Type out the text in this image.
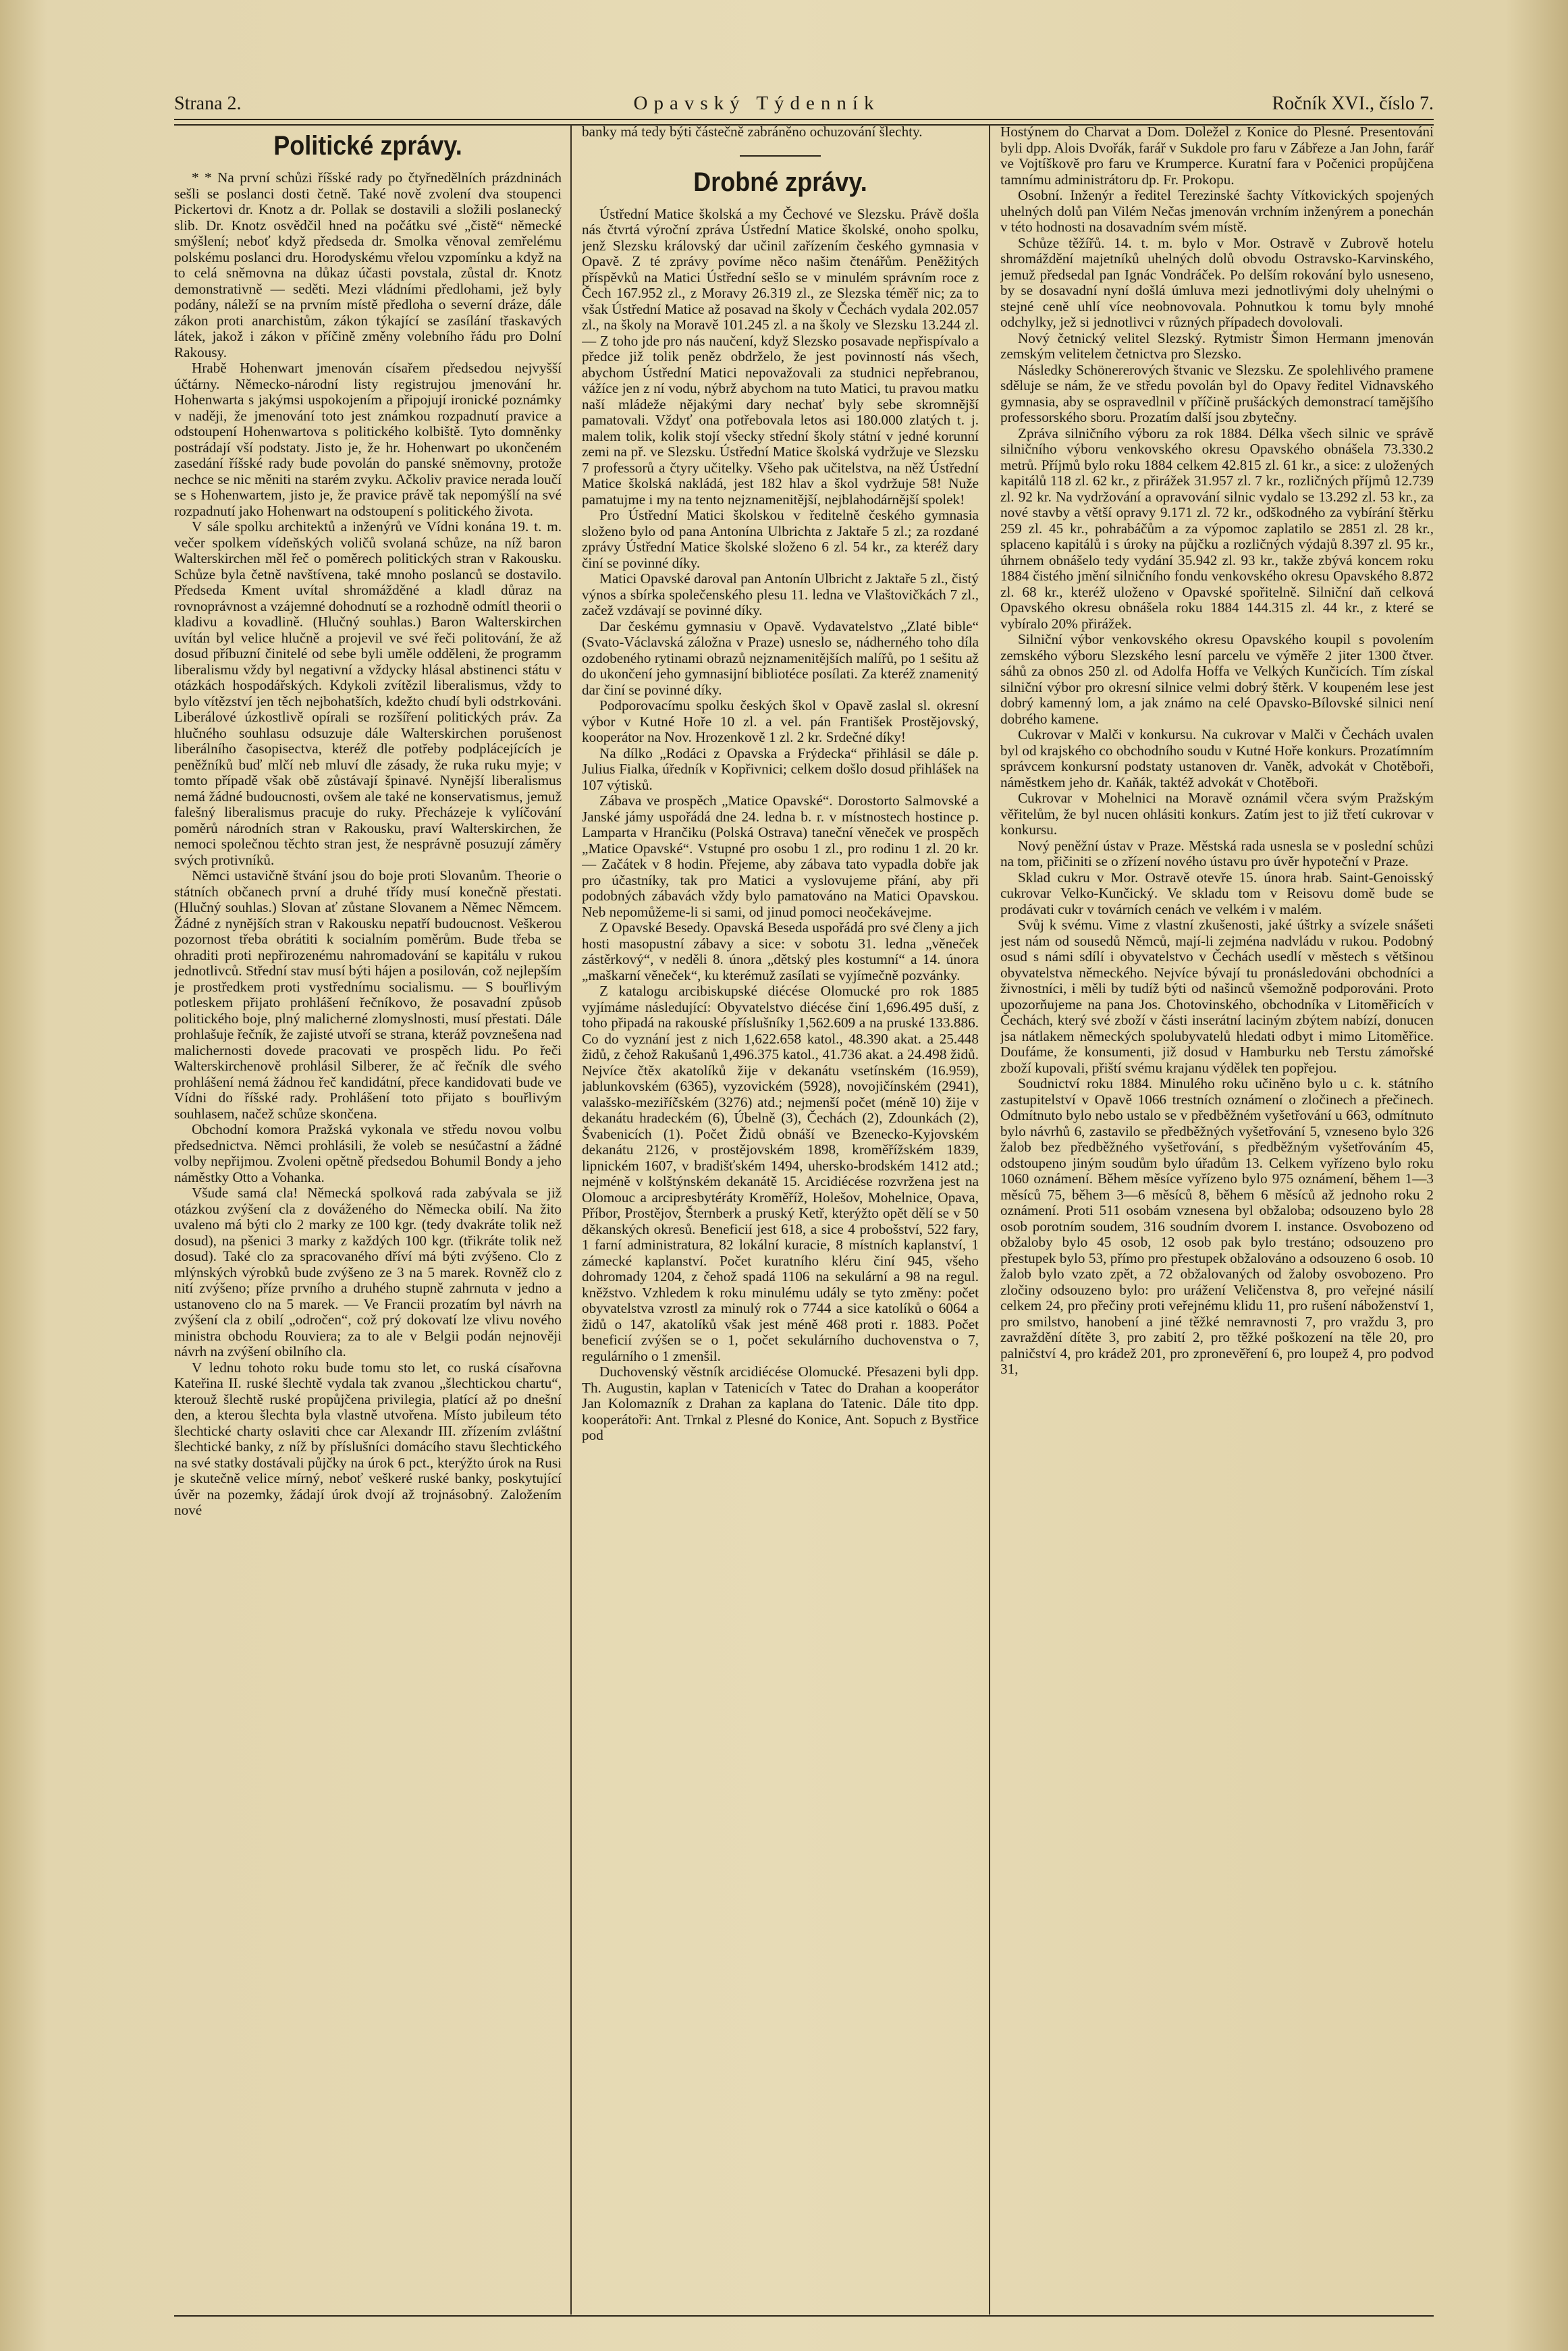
Strana 2.	Opavský Týdenník	Ročník XVI., číslo 7.
Politické zprávy.

* * Na první schůzi říšské rady po čtyřnedělních prázdninách sešli se poslanci dosti četně. Také nově zvolení dva stoupenci Pickertovi dr. Knotz a dr. Pollak se dostavili a složili poslanecký slib. Dr. Knotz osvědčil hned na počátku své „čistě“ německé smýšlení; neboť když předseda dr. Smolka věnoval zemřelému polskému poslanci dru. Horodyskému vřelou vzpomínku a když na to celá sněmovna na důkaz účasti povstala, zůstal dr. Knotz demonstrativně — seděti. Mezi vládními předlohami, jež byly podány, náleží se na prvním místě předloha o severní dráze, dále zákon proti anarchistům, zákon týkající se zasílání třaskavých látek, jakož i zákon v příčině změny volebního řádu pro Dolní Rakousy.

Hrabě Hohenwart jmenován císařem předsedou nejvyšší účtárny. Německo-národní listy registrujou jmenování hr. Hohenwarta s jakýmsi uspokojením a připojují ironické poznámky v naději, že jmenování toto jest známkou rozpadnutí pravice a odstoupení Hohenwartova s politického kolbiště. Tyto domněnky postrádají vší podstaty. Jisto je, že hr. Hohenwart po ukončeném zasedání říšské rady bude povolán do panské sněmovny, protože nechce se nic měniti na starém zvyku. Ačkoliv pravice nerada loučí se s Hohenwartem, jisto je, že pravice právě tak nepomýšlí na své rozpadnutí jako Hohenwart na odstoupení s politického života.

V sále spolku architektů a inženýrů ve Vídni konána 19. t. m. večer spolkem vídeňských voličů svolaná schůze, na níž baron Walterskirchen měl řeč o poměrech politických stran v Rakousku. Schůze byla četně navštívena, také mnoho poslanců se dostavilo. Předseda Kment uvítal shromážděné a kladl důraz na rovnoprávnost a vzájemné dohodnutí se a rozhodně odmítl theorii o kladivu a kovadlině. (Hlučný souhlas.) Baron Walterskirchen uvítán byl velice hlučně a projevil ve své řeči politování, že až dosud příbuzní činitelé od sebe byli uměle odděleni, že programm liberalismu vždy byl negativní a vždycky hlásal abstinenci státu v otázkách hospodářských. Kdykoli zvítězil liberalismus, vždy to bylo vítězství jen těch nejbohatších, kdežto chudí byli odstrkováni. Liberálové úzkostlivě opírali se rozšíření politických práv. Za hlučného souhlasu odsuzuje dále Walterskirchen porušenost liberálního časopisectva, kteréž dle potřeby podplácejících je peněžníků buď mlčí neb mluví dle zásady, že ruka ruku myje; v tomto případě však obě zůstávají špinavé. Nynější liberalismus nemá žádné budoucnosti, ovšem ale také ne konservatismus, jemuž falešný liberalismus pracuje do ruky. Přecházeje k vylíčování poměrů národních stran v Rakousku, praví Walterskirchen, že nemoci společnou těchto stran jest, že nesprávně posuzují záměry svých protivníků.

Němci ustavičně štvání jsou do boje proti Slovanům. Theorie o státních občanech první a druhé třídy musí konečně přestati. (Hlučný souhlas.) Slovan ať zůstane Slovanem a Němec Němcem. Žádné z nynějších stran v Rakousku nepatří budoucnost. Veškerou pozornost třeba obrátiti k socialním poměrům. Bude třeba se ohraditi proti nepřirozenému nahromadování se kapitálu v rukou jednotlivců. Střední stav musí býti hájen a posilován, což nejlepším je prostředkem proti vystřednímu socialismu. — S bouřlivým potleskem přijato prohlášení řečníkovo, že posavadní způsob politického boje, plný malicherné zlomyslnosti, musí přestati. Dále prohlašuje řečník, že zajisté utvoří se strana, kteráž povznešena nad malichernosti dovede pracovati ve prospěch lidu. Po řeči Walterskirchenově prohlásil Silberer, že ač řečník dle svého prohlášení nemá žádnou řeč kandidátní, přece kandidovati bude ve Vídni do říšské rady. Prohlášení toto přijato s bouřlivým souhlasem, načež schůze skončena.

Obchodní komora Pražská vykonala ve středu novou volbu předsednictva. Němci prohlásili, že voleb se nesúčastní a žádné volby nepřijmou. Zvoleni opětně předsedou Bohumil Bondy a jeho náměstky Otto a Vohanka.

Všude samá cla! Německá spolková rada zabývala se již otázkou zvýšení cla z dováženého do Německa obilí. Na žito uvaleno má býti clo 2 marky ze 100 kgr. (tedy dvakráte tolik než dosud), na pšenici 3 marky z každých 100 kgr. (třikráte tolik než dosud). Také clo za spracovaného dříví má býti zvýšeno. Clo z mlýnských výrobků bude zvýšeno ze 3 na 5 marek. Rovněž clo z nití zvýšeno; příze prvního a druhého stupně zahrnuta v jedno a ustanoveno clo na 5 marek. — Ve Francii prozatím byl návrh na zvýšení cla z obilí „odročen“, což prý dokovatí lze vlivu nového ministra obchodu Rouviera; za to ale v Belgii podán nejnověji návrh na zvýšení obilního cla.

V lednu tohoto roku bude tomu sto let, co ruská císařovna Kateřina II. ruské šlechtě vydala tak zvanou „šlechtickou chartu“, kterouž šlechtě ruské propůjčena privilegia, platící až po dnešní den, a kterou šlechta byla vlastně utvořena. Místo jubileum této šlechtické charty oslaviti chce car Alexandr III. zřízením zvláštní šlechtické banky, z níž by příslušníci domácího stavu šlechtického na své statky dostávali půjčky na úrok 6 pct., kterýžto úrok na Rusi je skutečně velice mírný, neboť veškeré ruské banky, poskytující úvěr na pozemky, žádají úrok dvojí až trojnásobný. Založením nové

banky má tedy býti částečně zabráněno ochuzování šlechty.

Drobné zprávy.

Ústřední Matice školská a my Čechové ve Slezsku. Právě došla nás čtvrtá výroční zpráva Ústřední Matice školské, onoho spolku, jenž Slezsku královský dar učinil zařízením českého gymnasia v Opavě. Z té zprávy povíme něco našim čtenářům. Peněžitých příspěvků na Matici Ústřední sešlo se v minulém správním roce z Čech 167.952 zl., z Moravy 26.319 zl., ze Slezska téměř nic; za to však Ústřední Matice až posavad na školy v Čechách vydala 202.057 zl., na školy na Moravě 101.245 zl. a na školy ve Slezsku 13.244 zl. — Z toho jde pro nás naučení, když Slezsko posavade nepřispívalo a předce již tolik peněz obdrželo, že jest povinností nás všech, abychom Ústřední Matici nepovažovali za studnici nepřebranou, vážíce jen z ní vodu, nýbrž abychom na tuto Matici, tu pravou matku naší mládeže nějakými dary nechať byly sebe skromnější pamatovali. Vždyť ona potřebovala letos asi 180.000 zlatých t. j. malem tolik, kolik stojí všecky střední školy státní v jedné korunní zemi na př. ve Slezsku. Ústřední Matice školská vydržuje ve Slezsku 7 professorů a čtyry učitelky. Všeho pak učitelstva, na něž Ústřední Matice školská nakládá, jest 182 hlav a škol vydržuje 58! Nuže pamatujme i my na tento nejznamenitější, nejblahodárnější spolek!

Pro Ústřední Matici školskou v ředitelně českého gymnasia složeno bylo od pana Antonína Ulbrichta z Jaktaře 5 zl.; za rozdané zprávy Ústřední Matice školské složeno 6 zl. 54 kr., za kteréž dary činí se povinné díky.

Matici Opavské daroval pan Antonín Ulbricht z Jaktaře 5 zl., čistý výnos a sbírka společenského plesu 11. ledna ve Vlaštovičkách 7 zl., začež vzdávají se povinné díky.

Dar českému gymnasiu v Opavě. Vydavatelstvo „Zlaté bible“ (Svato-Václavská záložna v Praze) usneslo se, nádherného toho díla ozdobeného rytinami obrazů nejznamenitějších malířů, po 1 sešitu až do ukončení jeho gymnasijní bibliotéce posílati. Za kteréž znamenitý dar činí se povinné díky.

Podporovacímu spolku českých škol v Opavě zaslal sl. okresní výbor v Kutné Hoře 10 zl. a vel. pán František Prostějovský, kooperátor na Nov. Hrozenkově 1 zl. 2 kr. Srdečné díky!

Na dílko „Rodáci z Opavska a Frýdecka“ přihlásil se dále p. Julius Fialka, úředník v Kopřivnici; celkem došlo dosud přihlášek na 107 výtisků.

Zábava ve prospěch „Matice Opavské“. Dorostorto Salmovské a Janské jámy uspořádá dne 24. ledna b. r. v místnostech hostince p. Lamparta v Hrančiku (Polská Ostrava) taneční věneček ve prospěch „Matice Opavské“. Vstupné pro osobu 1 zl., pro rodinu 1 zl. 20 kr. — Začátek v 8 hodin. Přejeme, aby zábava tato vypadla dobře jak pro účastníky, tak pro Matici a vyslovujeme přání, aby při podobných zábavách vždy bylo pamatováno na Matici Opavskou. Neb nepomůžeme-li si sami, od jinud pomoci neočekávejme.

Z Opavské Besedy. Opavská Beseda uspořádá pro své členy a jich hosti masopustní zábavy a sice: v sobotu 31. ledna „věneček zástěrkový“, v neděli 8. února „dětský ples kostumní“ a 14. února „maškarní věneček“, ku kterémuž zasílati se vyjímečně pozvánky.

Z katalogu arcibiskupské diécése Olomucké pro rok 1885 vyjímáme následující: Obyvatelstvo diécése činí 1,696.495 duší, z toho připadá na rakouské příslušníky 1,562.609 a na pruské 133.886. Co do vyznání jest z nich 1,622.658 katol., 48.390 akat. a 25.448 židů, z čehož Rakušanů 1,496.375 katol., 41.736 akat. a 24.498 židů. Nejvíce čtěx akatolíků žije v dekanátu vsetínském (16.959), jablunkovském (6365), vyzovickém (5928), novojičínském (2941), valašsko-meziříčském (3276) atd.; nejmenší počet (méně 10) žije v dekanátu hradeckém (6), Úbelně (3), Čechách (2), Zdounkách (2), Švabenicích (1). Počet Židů obnáší ve Bzenecko-Kyjovském dekanátu 2126, v prostějovském 1898, kroměřížském 1839, lipnickém 1607, v bradišťském 1494, uhersko-brodském 1412 atd.; nejméně v kolštýnském dekanátě 15. Arcidiécése rozvržena jest na Olomouc a arcipresbytéráty Kroměříž, Holešov, Mohelnice, Opava, Příbor, Prostějov, Šternberk a pruský Ketř, kterýžto opět dělí se v 50 děkanských okresů. Beneficií jest 618, a sice 4 probošství, 522 fary, 1 farní administratura, 82 lokální kuracie, 8 místních kaplanství, 1 zámecké kaplanství. Počet kuratního kléru činí 945, všeho dohromady 1204, z čehož spadá 1106 na sekulární a 98 na regul. kněžstvo. Vzhledem k roku minulému udály se tyto změny: počet obyvatelstva vzrostl za minulý rok o 7744 a sice katolíků o 6064 a židů o 147, akatolíků však jest méně 468 proti r. 1883. Počet beneficií zvýšen se o 1, počet sekulárního duchovenstva o 7, regulárního o 1 zmenšil.

Duchovenský věstník arcidiécése Olomucké. Přesazeni byli dpp. Th. Augustin, kaplan v Tatenicích v Tatec do Drahan a kooperátor Jan Kolomazník z Drahan za kaplana do Tatenic. Dále tito dpp. kooperátoři: Ant. Trnkal z Plesné do Konice, Ant. Sopuch z Bystřice pod

Hostýnem do Charvat a Dom. Doležel z Konice do Plesné. Presentováni byli dpp. Alois Dvořák, farář v Sukdole pro faru v Zábřeze a Jan John, farář ve Vojtíškově pro faru ve Krumperce. Kuratní fara v Počenici propůjčena tamnímu administrátoru dp. Fr. Prokopu.

Osobní. Inženýr a ředitel Terezinské šachty Vítkovických spojených uhelných dolů pan Vilém Nečas jmenován vrchním inženýrem a ponechán v této hodnosti na dosavadním svém místě.

Schůze těžířů. 14. t. m. bylo v Mor. Ostravě v Zubrově hotelu shromáždění majetníků uhelných dolů obvodu Ostravsko-Karvinského, jemuž předsedal pan Ignác Vondráček. Po delším rokování bylo usneseno, by se dosavadní nyní došlá úmluva mezi jednotlivými doly uhelnými o stejné ceně uhlí více neobnovovala. Pohnutkou k tomu byly mnohé odchylky, jež si jednotlivci v různých případech dovolovali.

Nový četnický velitel Slezský. Rytmistr Šimon Hermann jmenován zemským velitelem četnictva pro Slezsko.

Následky Schönererových štvanic ve Slezsku. Ze spolehlivého pramene sděluje se nám, že ve středu povolán byl do Opavy ředitel Vidnavského gymnasia, aby se ospravedlnil v příčině prušáckých demonstrací tamějšího professorského sboru. Prozatím další jsou zbytečny.

Zpráva silničního výboru za rok 1884. Délka všech silnic ve správě silničního výboru venkovského okresu Opavského obnášela 73.330.2 metrů. Příjmů bylo roku 1884 celkem 42.815 zl. 61 kr., a sice: z uložených kapitálů 118 zl. 62 kr., z přirážek 31.957 zl. 7 kr., rozličných příjmů 12.739 zl. 92 kr. Na vydržování a opravování silnic vydalo se 13.292 zl. 53 kr., za nové stavby a větší opravy 9.171 zl. 72 kr., odškodného za vybírání štěrku 259 zl. 45 kr., pohrabáčům a za výpomoc zaplatilo se 2851 zl. 28 kr., splaceno kapitálů i s úroky na půjčku a rozličných výdajů 8.397 zl. 95 kr., úhrnem obnášelo tedy vydání 35.942 zl. 93 kr., takže zbývá koncem roku 1884 čistého jmění silničního fondu venkovského okresu Opavského 8.872 zl. 68 kr., kteréž uloženo v Opavské spořitelně. Silniční daň celková Opavského okresu obnášela roku 1884 144.315 zl. 44 kr., z které se vybíralo 20% přirážek.

Silniční výbor venkovského okresu Opavského koupil s povolením zemského výboru Slezského lesní parcelu ve výměře 2 jiter 1300 čtver. sáhů za obnos 250 zl. od Adolfa Hoffa ve Velkých Kunčicích. Tím získal silniční výbor pro okresní silnice velmi dobrý štěrk. V koupeném lese jest dobrý kamenný lom, a jak známo na celé Opavsko-Bílovské silnici není dobrého kamene.

Cukrovar v Malči v konkursu. Na cukrovar v Malči v Čechách uvalen byl od krajského co obchodního soudu v Kutné Hoře konkurs. Prozatímním správcem konkursní podstaty ustanoven dr. Vaněk, advokát v Chotěboři, náměstkem jeho dr. Kaňák, taktéž advokát v Chotěboři.

Cukrovar v Mohelnici na Moravě oznámil včera svým Pražským věřitelům, že byl nucen ohlásiti konkurs. Zatím jest to již třetí cukrovar v konkursu.

Nový peněžní ústav v Praze. Městská rada usnesla se v poslední schůzi na tom, přičiniti se o zřízení nového ústavu pro úvěr hypoteční v Praze.

Sklad cukru v Mor. Ostravě otevře 15. února hrab. Saint-Genoisský cukrovar Velko-Kunčický. Ve skladu tom v Reisovu domě bude se prodávati cukr v továrních cenách ve velkém i v malém.

Svůj k svému. Vime z vlastní zkušenosti, jaké úštrky a svízele snášeti jest nám od sousedů Němců, mají-li zejména nadvládu v rukou. Podobný osud s námi sdílí i obyvatelstvo v Čechách usedlí v městech s většinou obyvatelstva německého. Nejvíce bývají tu pronásledováni obchodníci a živnostníci, i měli by tudíž býti od našinců všemožně podporováni. Proto upozorňujeme na pana Jos. Chotovinského, obchodníka v Litoměřicích v Čechách, který své zboží v části inserátní laciným zbýtem nabízí, donucen jsa nátlakem německých spolubyvatelů hledati odbyt i mimo Litoměřice. Doufáme, že konsumenti, již dosud v Hamburku neb Terstu zámořské zboží kupovali, přiští svému krajanu výdělek ten popřejou.

Soudnictví roku 1884. Minulého roku učiněno bylo u c. k. státního zastupitelství v Opavě 1066 trestních oznámení o zločinech a přečinech. Odmítnuto bylo nebo ustalo se v předběžném vyšetřování u 663, odmítnuto bylo návrhů 6, zastavilo se předběžných vyšetřování 5, vzneseno bylo 326 žalob bez předběžného vyšetřování, s předběžným vyšetřováním 45, odstoupeno jiným soudům bylo úřadům 13. Celkem vyřízeno bylo roku 1060 oznámení. Během měsíce vyřízeno bylo 975 oznámení, během 1—3 měsíců 75, během 3—6 měsíců 8, během 6 měsíců až jednoho roku 2 oznámení. Proti 511 osobám vznesena byl obžaloba; odsouzeno bylo 28 osob porotním soudem, 316 soudním dvorem I. instance. Osvobozeno od obžaloby bylo 45 osob, 12 osob pak bylo trestáno; odsouzeno pro přestupek bylo 53, přímo pro přestupek obžalováno a odsouzeno 6 osob. 10 žalob bylo vzato zpět, a 72 obžalovaných od žaloby osvobozeno. Pro zločiny odsouzeno bylo: pro urážení Veličenstva 8, pro veřejné násilí celkem 24, pro přečiny proti veřejnému klidu 11, pro rušení náboženství 1, pro smilstvo, hanobení a jiné těžké nemravnosti 7, pro vraždu 3, pro zavraždění dítěte 3, pro zabití 2, pro těžké poškození na těle 20, pro palničství 4, pro krádež 201, pro zpronevěření 6, pro loupež 4, pro podvod 31,
